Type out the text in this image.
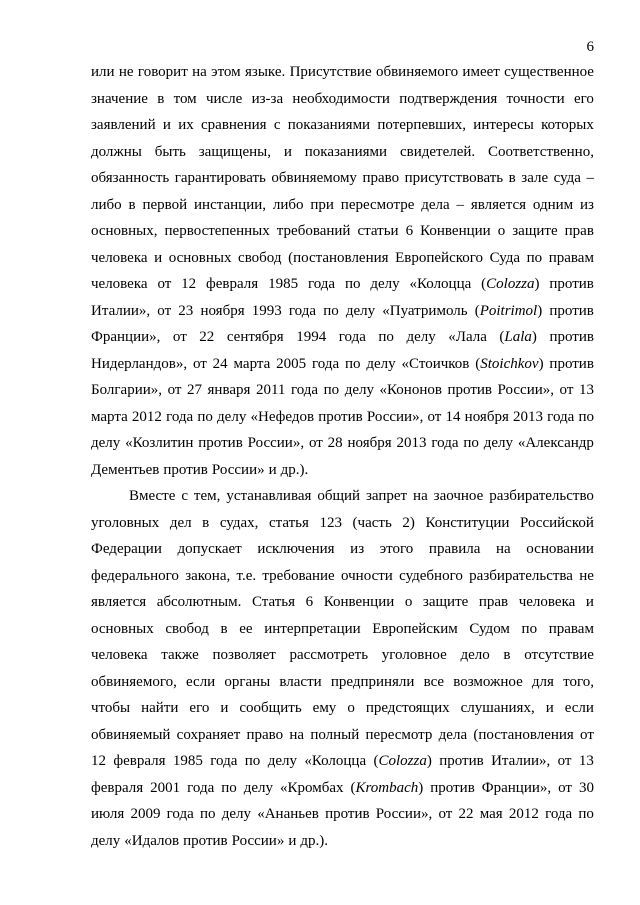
6
или не говорит на этом языке. Присутствие обвиняемого имеет существенное
значение в том числе из-за необходимости подтверждения точности его
заявлений и их сравнения с показаниями потерпевших, интересы которых
должны быть защищены, и показаниями свидетелей. Соответственно,
обязанность гарантировать обвиняемому право присутствовать в зале суда –
либо в первой инстанции, либо при пересмотре дела – является одним из
основных, первостепенных требований статьи 6 Конвенции о защите прав
человека и основных свобод (постановления Европейского Суда по правам
человека от 12 февраля 1985 года по делу «Колоцца (Colozza) против
Италии», от 23 ноября 1993 года по делу «Пуатримоль (Poitrimol) против
Франции», от 22 сентября 1994 года по делу «Лала (Lala) против
Нидерландов», от 24 марта 2005 года по делу «Стоичков (Stoichkov) против
Болгарии», от 27 января 2011 года по делу «Кононов против России», от 13
марта 2012 года по делу «Нефедов против России», от 14 ноября 2013 года по
делу «Козлитин против России», от 28 ноября 2013 года по делу «Александр
Дементьев против России» и др.).
Вместе с тем, устанавливая общий запрет на заочное разбирательство
уголовных дел в судах, статья 123 (часть 2) Конституции Российской
Федерации допускает исключения из этого правила на основании
федерального закона, т.е. требование очности судебного разбирательства не
является абсолютным. Статья 6 Конвенции о защите прав человека и
основных свобод в ее интерпретации Европейским Судом по правам
человека также позволяет рассмотреть уголовное дело в отсутствие
обвиняемого, если органы власти предприняли все возможное для того,
чтобы найти его и сообщить ему о предстоящих слушаниях, и если
обвиняемый сохраняет право на полный пересмотр дела (постановления от
12 февраля 1985 года по делу «Колоцца (Colozza) против Италии», от 13
февраля 2001 года по делу «Кромбах (Krombach) против Франции», от 30
июля 2009 года по делу «Ананьев против России», от 22 мая 2012 года по
делу «Идалов против России» и др.).
